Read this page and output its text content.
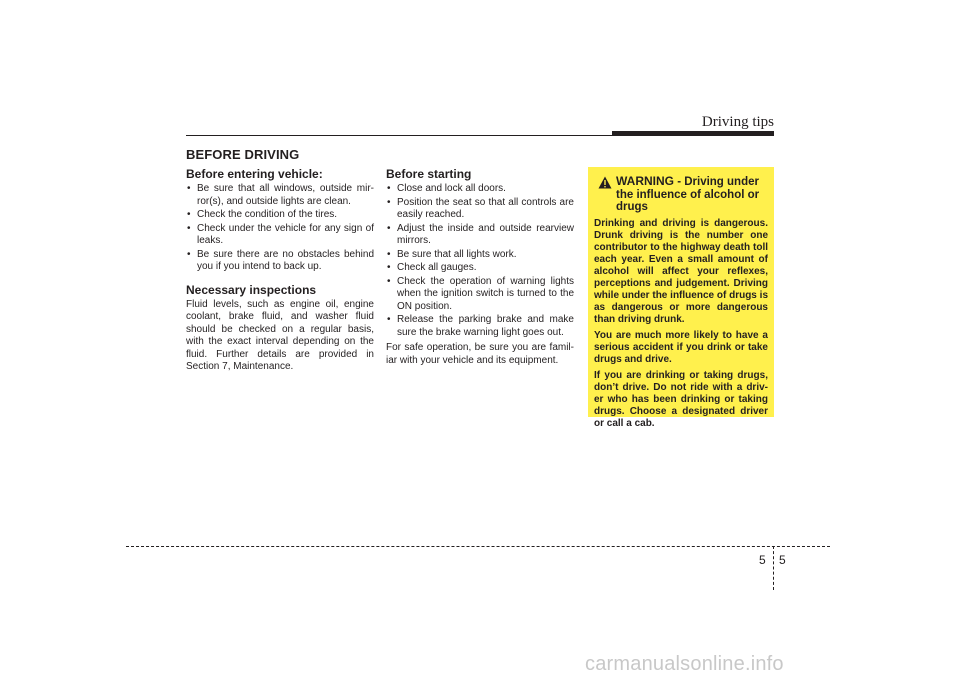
Driving tips
BEFORE DRIVING
Before entering vehicle:
• Be sure that all windows, outside mir-ror(s), and outside lights are clean.
• Check the condition of the tires.
• Check under the vehicle for any sign of leaks.
• Be sure there are no obstacles behind you if you intend to back up.
Necessary inspections

Fluid levels, such as engine oil, engine coolant, brake fluid, and washer fluid should be checked on a regular basis, with the exact interval depending on the fluid. Further details are provided in Section 7, Maintenance.

Before starting
• Close and lock all doors.
• Position the seat so that all controls are easily reached.
• Adjust the inside and outside rearview mirrors.
• Be sure that all lights work.
• Check all gauges.
• Check the operation of warning lights when the ignition switch is turned to the ON position.
• Release the parking brake and make sure the brake warning light goes out.

For safe operation, be sure you are famil-iar with your vehicle and its equipment.

WARNING - Driving under the influence of alcohol or drugs

Drinking and driving is dangerous. Drunk driving is the number one contributor to the highway death toll each year. Even a small amount of alcohol will affect your reflexes, perceptions and judgement. Driving while under the influence of drugs is as dangerous or more dangerous than driving drunk.

You are much more likely to have a serious accident if you drink or take drugs and drive.

If you are drinking or taking drugs, don’t drive. Do not ride with a driv-er who has been drinking or taking drugs. Choose a designated driver or call a cab.

5 5
carmanualsonline.info
